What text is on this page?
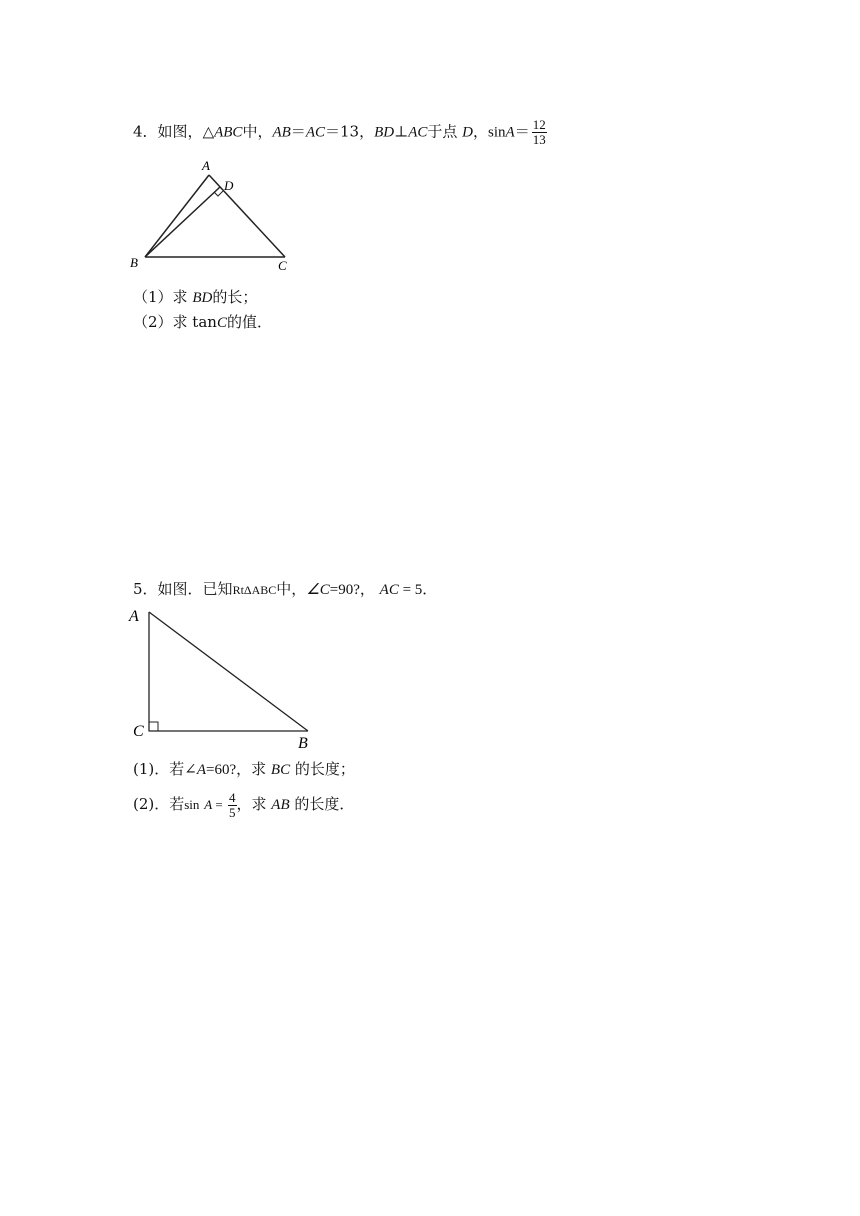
4．如图，△ABC中，AB＝AC＝13，BD⊥AC于点 D，$\sin A= \frac{12}{13}$
A
D
B	C
（1）求 BD的长；
（2）求 tanC的值．
5．如图．已知RtΔABC中，∠C=90?， AC = 5．
A
C
B
(1)．若∠A=60?，求 BC 的长度；
(2)．若$\sin A = \frac{4}{5}$ ，求 AB 的长度．
